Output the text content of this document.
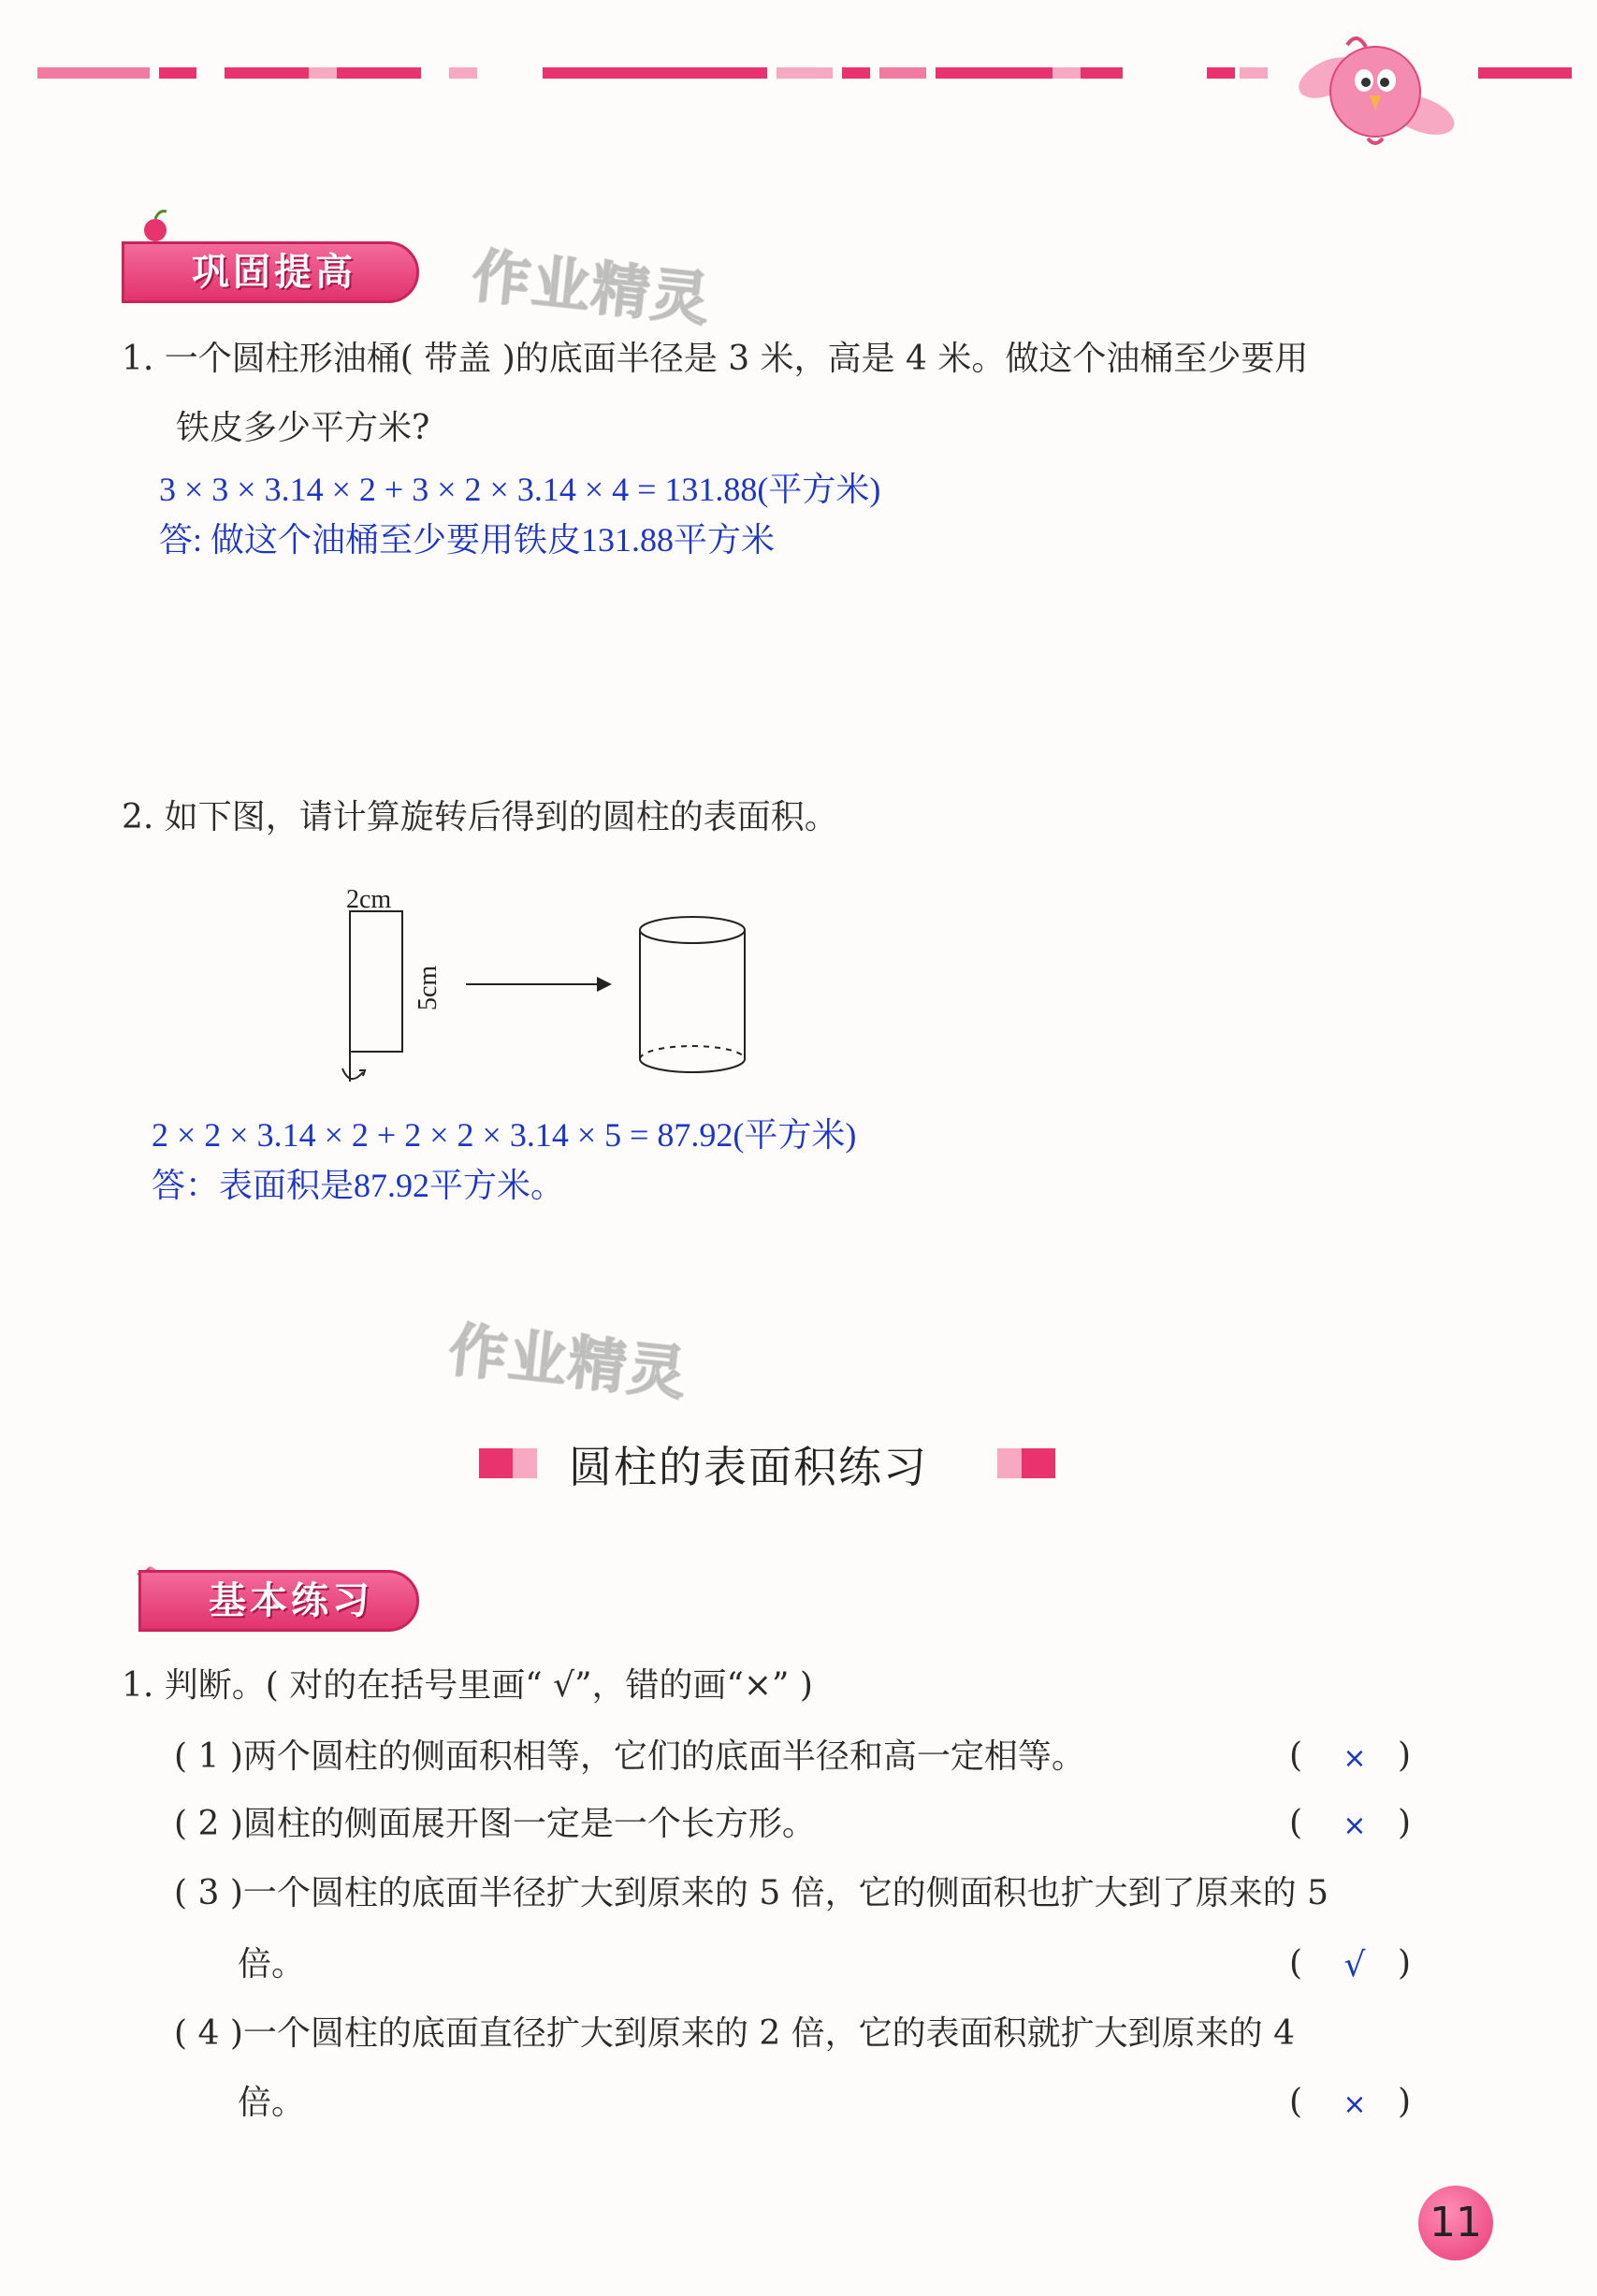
巩固提高	作业精灵
1. 一个圆柱形油桶( 带盖 )的底面半径是 3 米，高是 4 米。做这个油桶至少要用
铁皮多少平方米?
3 × 3 × 3.14 × 2 + 3 × 2 × 3.14 × 4 = 131.88(平方米)
答: 做这个油桶至少要用铁皮131.88平方米
2. 如下图，请计算旋转后得到的圆柱的表面积。
2cm
5cm
2 × 2 × 3.14 × 2 + 2 × 2 × 3.14 × 5 = 87.92(平方米)
答：表面积是87.92平方米。
作业精灵
圆柱的表面积练习
基本练习
1. 判断。( 对的在括号里画“ √”，错的画“×” )
( 1 )两个圆柱的侧面积相等，它们的底面半径和高一定相等。	( × )
( 2 )圆柱的侧面展开图一定是一个长方形。	( × )
( 3 )一个圆柱的底面半径扩大到原来的 5 倍，它的侧面积也扩大到了原来的 5
倍。	( √ )
( 4 )一个圆柱的底面直径扩大到原来的 2 倍，它的表面积就扩大到原来的 4
倍。	( × )
11
